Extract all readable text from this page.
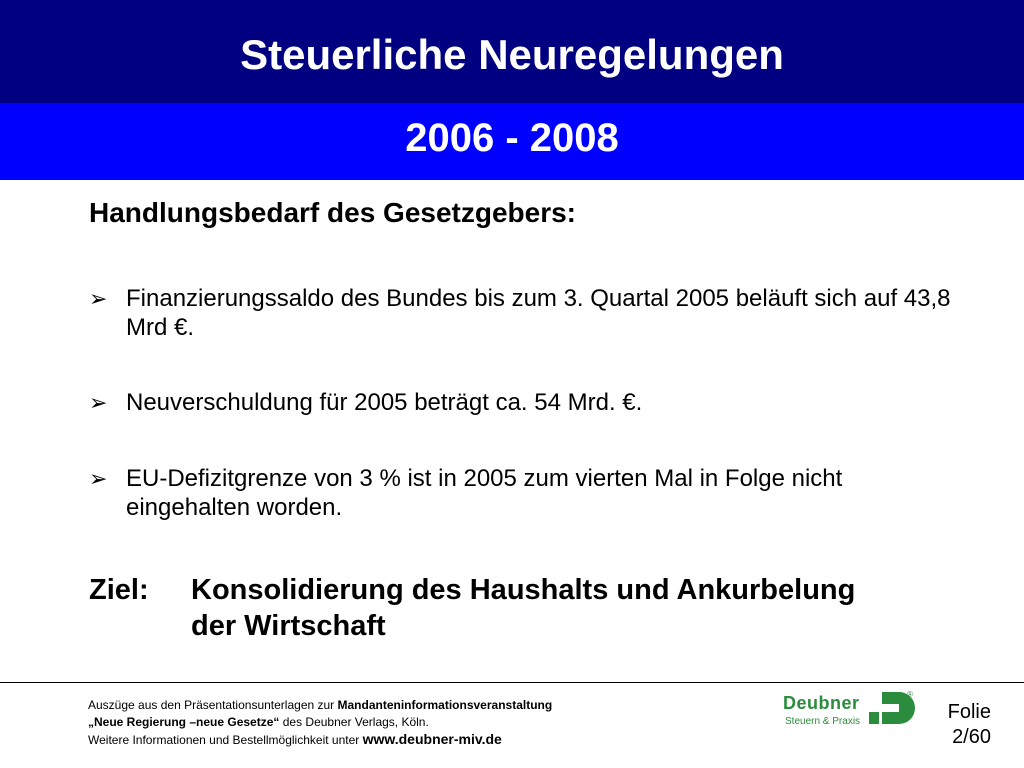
Steuerliche Neuregelungen
2006 - 2008

Handlungsbedarf des Gesetzgebers:

➢ Finanzierungssaldo des Bundes bis zum 3. Quartal 2005 beläuft sich auf 43,8 Mrd €.
➢ Neuverschuldung für 2005 beträgt ca. 54 Mrd. €.
➢ EU-Defizitgrenze von 3 % ist in 2005 zum vierten Mal in Folge nicht eingehalten worden.
Ziel: Konsolidierung des Haushalts und Ankurbelung der Wirtschaft
Auszüge aus den Präsentationsunterlagen zur Mandanteninformationsveranstaltung
„Neue Regierung –neue Gesetze“ des Deubner Verlags, Köln.
Weitere Informationen und Bestellmöglichkeit unter www.deubner-miv.de
Deubner
Steuern & Praxis
®
Folie
2/60
